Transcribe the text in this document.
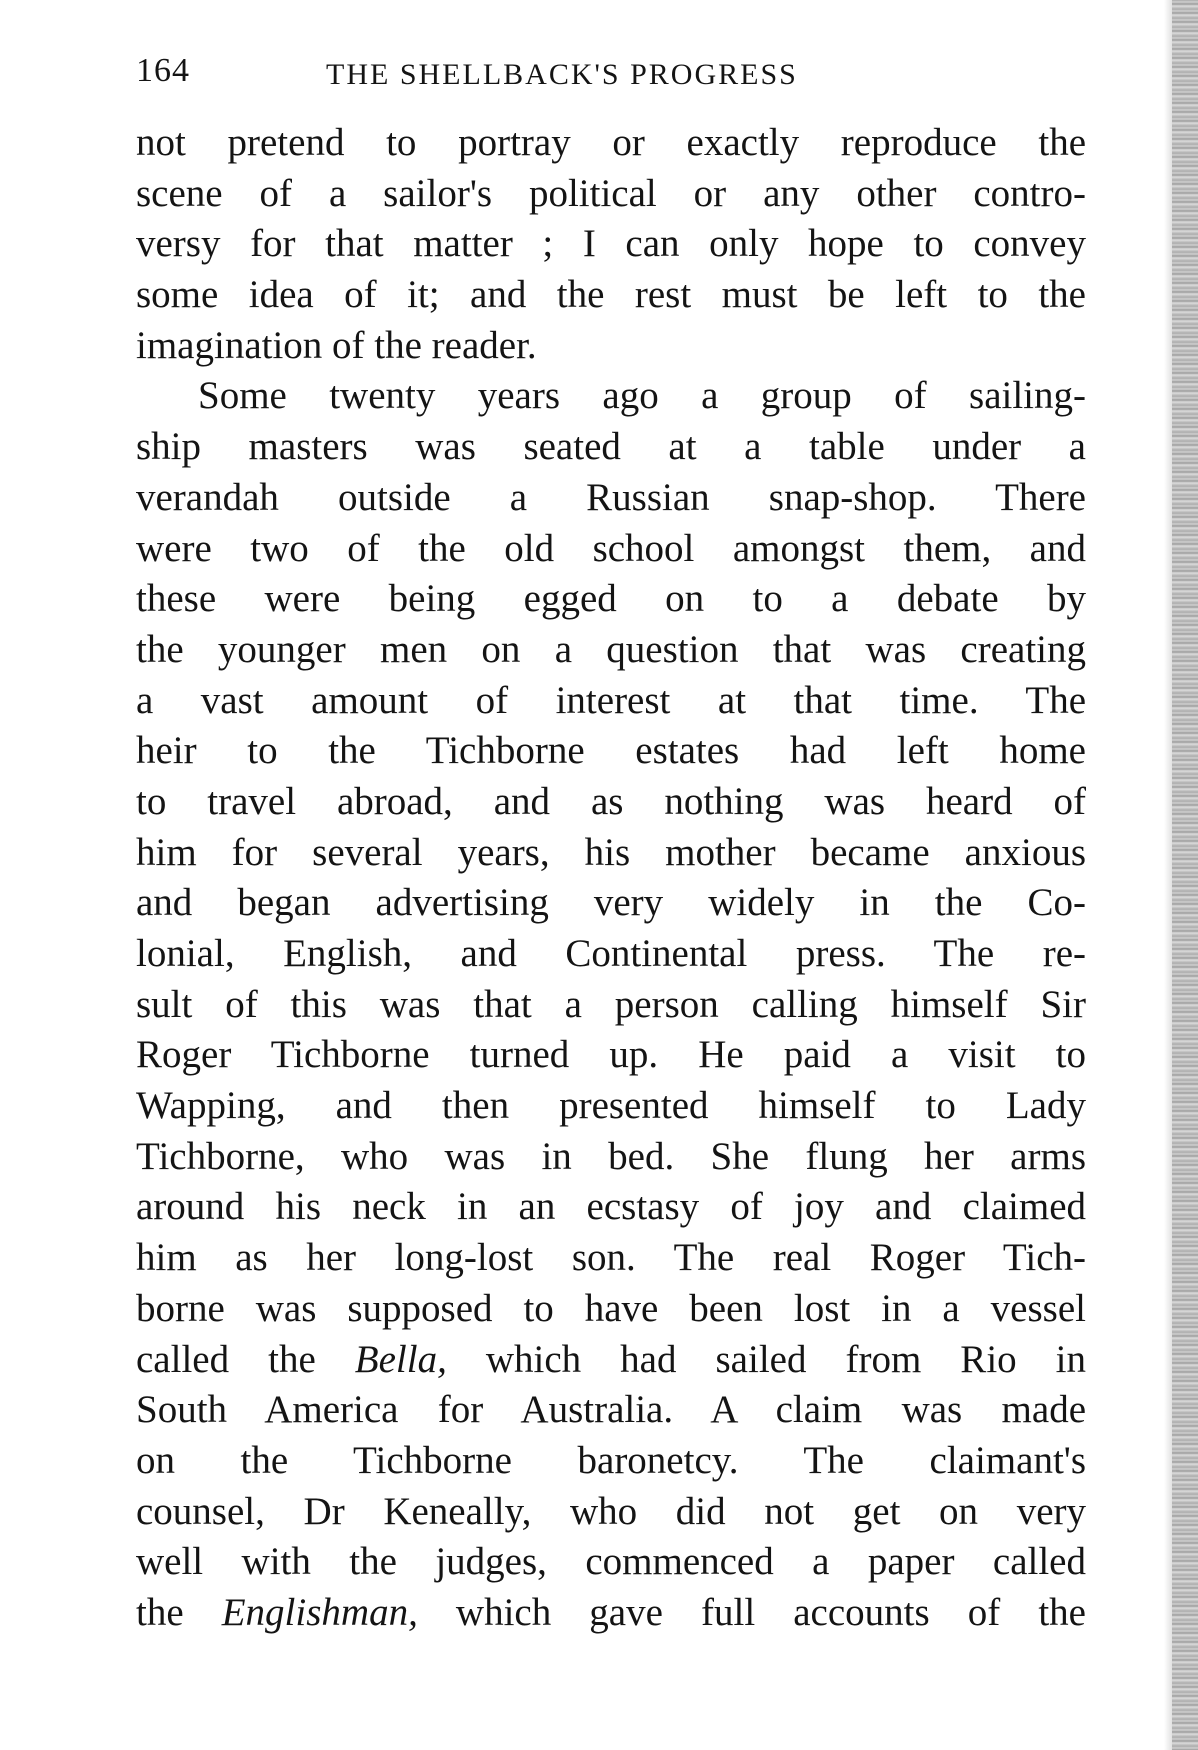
164	THE SHELLBACK'S PROGRESS
not pretend to portray or exactly reproduce the
scene of a sailor's political or any other contro-
versy for that matter ; I can only hope to convey
some idea of it; and the rest must be left to the
imagination of the reader.
Some twenty years ago a group of sailing-
ship masters was seated at a table under a
verandah outside a Russian snap-shop. There
were two of the old school amongst them, and
these were being egged on to a debate by
the younger men on a question that was creating
a vast amount of interest at that time. The
heir to the Tichborne estates had left home
to travel abroad, and as nothing was heard of
him for several years, his mother became anxious
and began advertising very widely in the Co-
lonial, English, and Continental press. The re-
sult of this was that a person calling himself Sir
Roger Tichborne turned up. He paid a visit to
Wapping, and then presented himself to Lady
Tichborne, who was in bed. She flung her arms
around his neck in an ecstasy of joy and claimed
him as her long-lost son. The real Roger Tich-
borne was supposed to have been lost in a vessel
called the Bella, which had sailed from Rio in
South America for Australia. A claim was made
on the Tichborne baronetcy. The claimant's
counsel, Dr Keneally, who did not get on very
well with the judges, commenced a paper called
the Englishman, which gave full accounts of the
